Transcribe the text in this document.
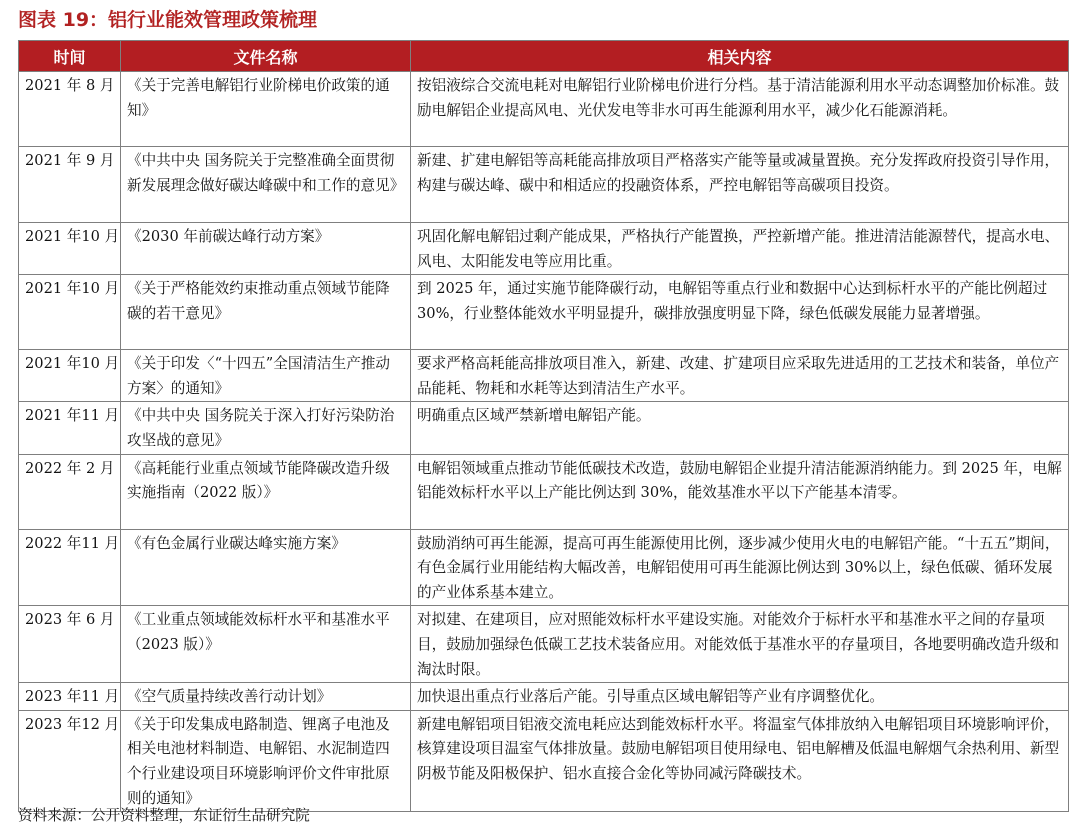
图表 19：铝行业能效管理政策梳理
时间	文件名称	相关内容
2021 年 8 月	《关于完善电解铝行业阶梯电价政策的通知》	按铝液综合交流电耗对电解铝行业阶梯电价进行分档。基于清洁能源利用水平动态调整加价标准。鼓励电解铝企业提高风电、光伏发电等非水可再生能源利用水平，减少化石能源消耗。
2021 年 9 月	《中共中央 国务院关于完整准确全面贯彻新发展理念做好碳达峰碳中和工作的意见》	新建、扩建电解铝等高耗能高排放项目严格落实产能等量或减量置换。充分发挥政府投资引导作用，构建与碳达峰、碳中和相适应的投融资体系，严控电解铝等高碳项目投资。
2021 年10 月	《2030 年前碳达峰行动方案》	巩固化解电解铝过剩产能成果，严格执行产能置换，严控新增产能。推进清洁能源替代，提高水电、风电、太阳能发电等应用比重。
2021 年10 月	《关于严格能效约束推动重点领域节能降碳的若干意见》	到 2025 年，通过实施节能降碳行动，电解铝等重点行业和数据中心达到标杆水平的产能比例超过 30%，行业整体能效水平明显提升，碳排放强度明显下降，绿色低碳发展能力显著增强。
2021 年10 月	《关于印发〈“十四五”全国清洁生产推动方案〉的通知》	要求严格高耗能高排放项目准入，新建、改建、扩建项目应采取先进适用的工艺技术和装备，单位产品能耗、物耗和水耗等达到清洁生产水平。
2021 年11 月	《中共中央 国务院关于深入打好污染防治攻坚战的意见》	明确重点区域严禁新增电解铝产能。
2022 年 2 月	《高耗能行业重点领域节能降碳改造升级实施指南（2022 版）》	电解铝领域重点推动节能低碳技术改造，鼓励电解铝企业提升清洁能源消纳能力。到 2025 年，电解铝能效标杆水平以上产能比例达到 30%，能效基准水平以下产能基本清零。
2022 年11 月	《有色金属行业碳达峰实施方案》	鼓励消纳可再生能源，提高可再生能源使用比例，逐步减少使用火电的电解铝产能。“十五五”期间，有色金属行业用能结构大幅改善，电解铝使用可再生能源比例达到 30%以上，绿色低碳、循环发展的产业体系基本建立。
2023 年 6 月	《工业重点领域能效标杆水平和基准水平（2023 版）》	对拟建、在建项目，应对照能效标杆水平建设实施。对能效介于标杆水平和基准水平之间的存量项目，鼓励加强绿色低碳工艺技术装备应用。对能效低于基准水平的存量项目，各地要明确改造升级和淘汰时限。
2023 年11 月	《空气质量持续改善行动计划》	加快退出重点行业落后产能。引导重点区域电解铝等产业有序调整优化。
2023 年12 月	《关于印发集成电路制造、锂离子电池及相关电池材料制造、电解铝、水泥制造四个行业建设项目环境影响评价文件审批原则的通知》	新建电解铝项目铝液交流电耗应达到能效标杆水平。将温室气体排放纳入电解铝项目环境影响评价，核算建设项目温室气体排放量。鼓励电解铝项目使用绿电、铝电解槽及低温电解烟气余热利用、新型阴极节能及阳极保护、铝水直接合金化等协同减污降碳技术。
资料来源：公开资料整理，东证衍生品研究院
